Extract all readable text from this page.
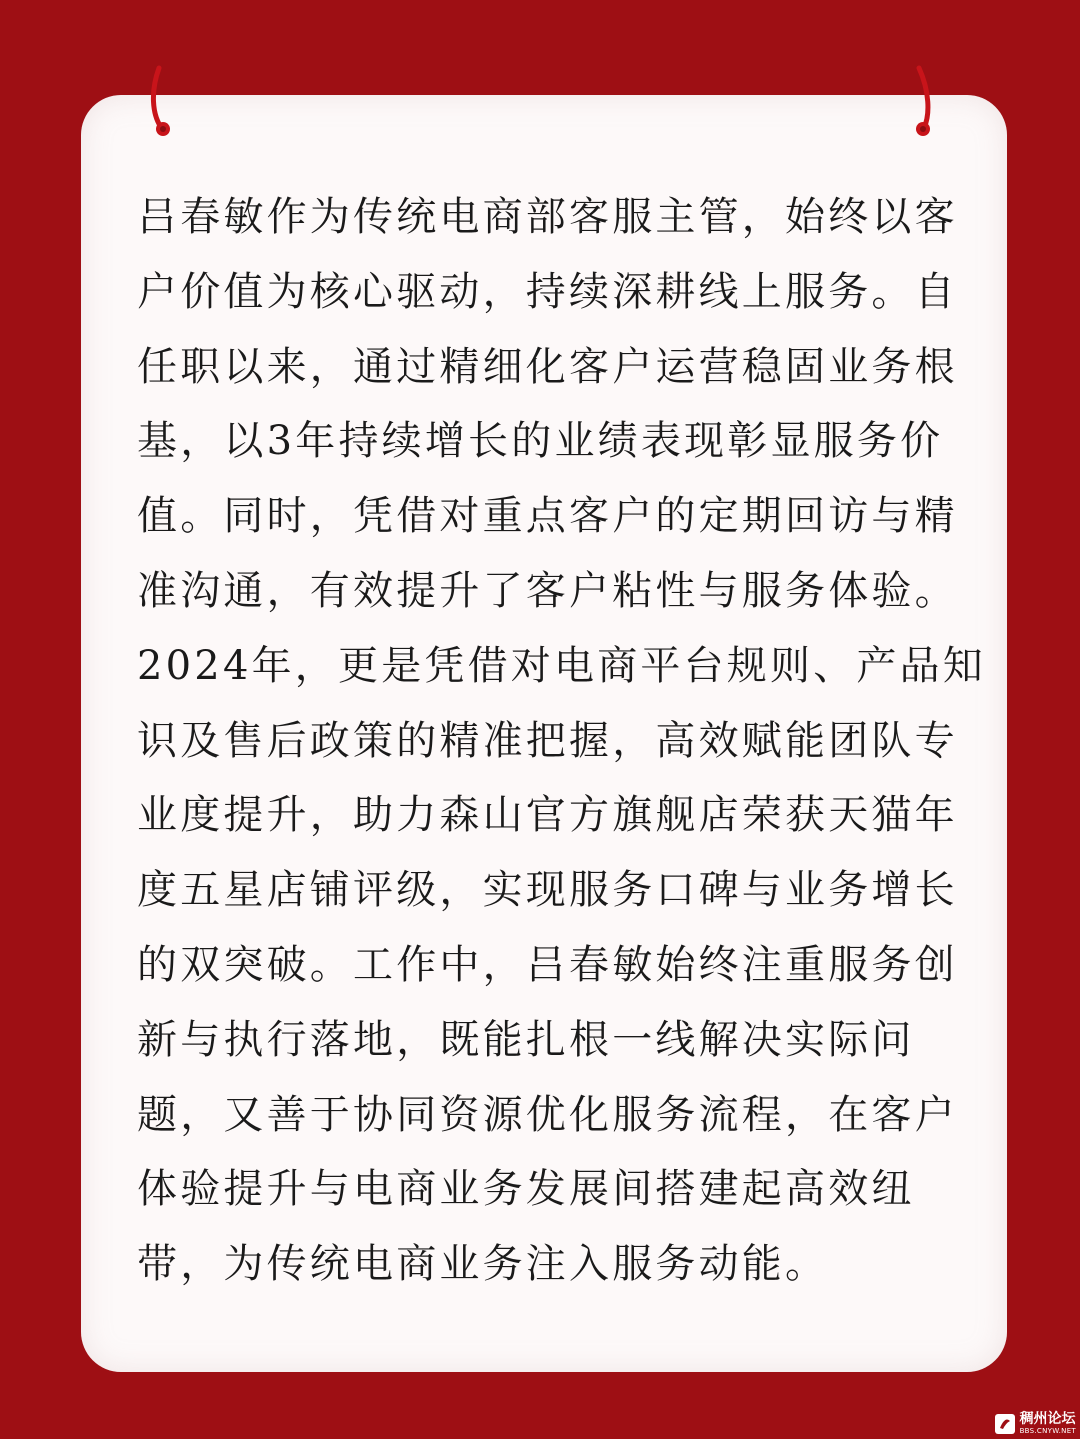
吕春敏作为传统电商部客服主管，始终以客
户价值为核心驱动，持续深耕线上服务。自
任职以来，通过精细化客户运营稳固业务根
基，以3年持续增长的业绩表现彰显服务价
值。同时，凭借对重点客户的定期回访与精
准沟通，有效提升了客户粘性与服务体验。
2024年，更是凭借对电商平台规则、产品知
识及售后政策的精准把握，高效赋能团队专
业度提升，助力森山官方旗舰店荣获天猫年
度五星店铺评级，实现服务口碑与业务增长
的双突破。工作中，吕春敏始终注重服务创
新与执行落地，既能扎根一线解决实际问
题，又善于协同资源优化服务流程，在客户
体验提升与电商业务发展间搭建起高效纽
带，为传统电商业务注入服务动能。
稠州论坛
BBS.CNYW.NET
